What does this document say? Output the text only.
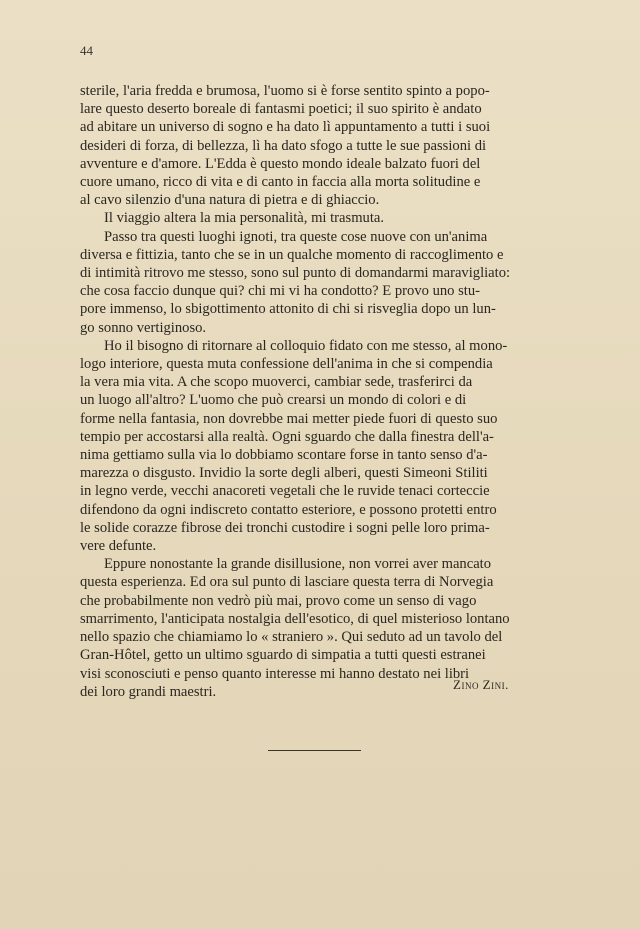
44
sterile, l'aria fredda e brumosa, l'uomo si è forse sentito spinto a popo-
lare questo deserto boreale di fantasmi poetici; il suo spirito è andato
ad abitare un universo di sogno e ha dato lì appuntamento a tutti i suoi
desideri di forza, di bellezza, lì ha dato sfogo a tutte le sue passioni di
avventure e d'amore. L'Edda è questo mondo ideale balzato fuori del
cuore umano, ricco di vita e di canto in faccia alla morta solitudine e
al cavo silenzio d'una natura di pietra e di ghiaccio.
Il viaggio altera la mia personalità, mi trasmuta.
Passo tra questi luoghi ignoti, tra queste cose nuove con un'anima
diversa e fittizia, tanto che se in un qualche momento di raccoglimento e
di intimità ritrovo me stesso, sono sul punto di domandarmi maravigliato:
che cosa faccio dunque qui? chi mi vi ha condotto? E provo uno stu-
pore immenso, lo sbigottimento attonito di chi si risveglia dopo un lun-
go sonno vertiginoso.
Ho il bisogno di ritornare al colloquio fidato con me stesso, al mono-
logo interiore, questa muta confessione dell'anima in che si compendia
la vera mia vita. A che scopo muoverci, cambiar sede, trasferirci da
un luogo all'altro? L'uomo che può crearsi un mondo di colori e di
forme nella fantasia, non dovrebbe mai metter piede fuori di questo suo
tempio per accostarsi alla realtà. Ogni sguardo che dalla finestra dell'a-
nima gettiamo sulla via lo dobbiamo scontare forse in tanto senso d'a-
marezza o disgusto. Invidio la sorte degli alberi, questi Simeoni Stiliti
in legno verde, vecchi anacoreti vegetali che le ruvide tenaci corteccie
difendono da ogni indiscreto contatto esteriore, e possono protetti entro
le solide corazze fibrose dei tronchi custodire i sogni pelle loro prima-
vere defunte.
Eppure nonostante la grande disillusione, non vorrei aver mancato
questa esperienza. Ed ora sul punto di lasciare questa terra di Norvegia
che probabilmente non vedrò più mai, provo come un senso di vago
smarrimento, l'anticipata nostalgia dell'esotico, di quel misterioso lontano
nello spazio che chiamiamo lo « straniero ». Qui seduto ad un tavolo del
Gran-Hôtel, getto un ultimo sguardo di simpatia a tutti questi estranei
visi sconosciuti e penso quanto interesse mi hanno destato nei libri
dei loro grandi maestri.	Zino Zini.
